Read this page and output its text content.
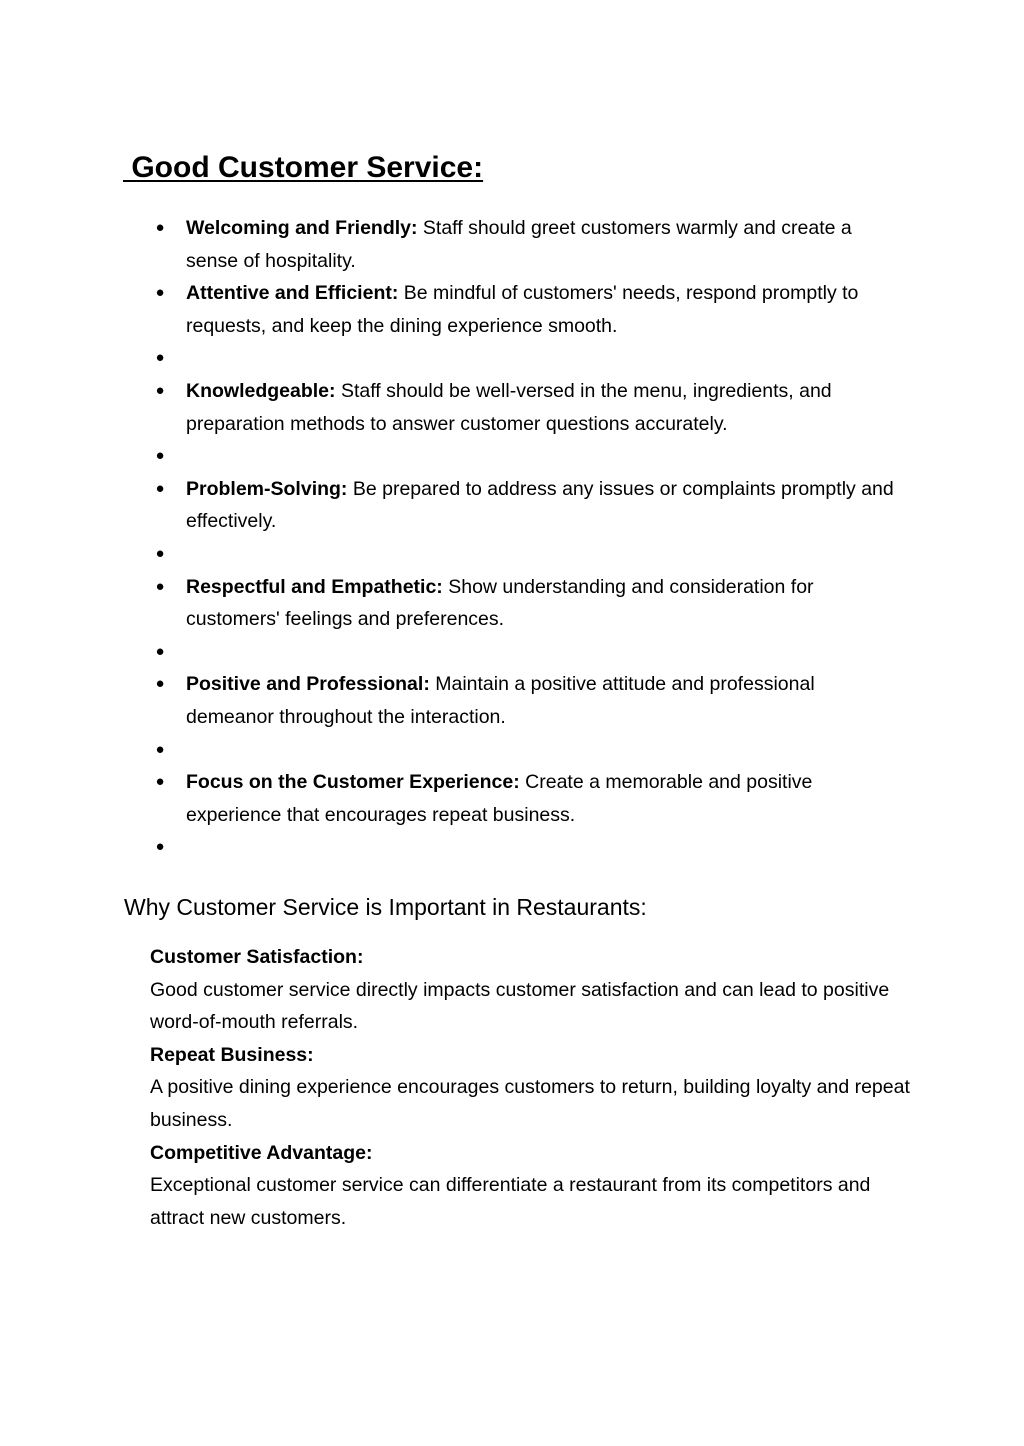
Good Customer Service:
● Welcoming and Friendly: Staff should greet customers warmly and create a sense of hospitality.
● Attentive and Efficient: Be mindful of customers' needs, respond promptly to requests, and keep the dining experience smooth.
●
● Knowledgeable: Staff should be well-versed in the menu, ingredients, and preparation methods to answer customer questions accurately.
●
● Problem-Solving: Be prepared to address any issues or complaints promptly and effectively.
●
● Respectful and Empathetic: Show understanding and consideration for customers' feelings and preferences.
●
● Positive and Professional: Maintain a positive attitude and professional demeanor throughout the interaction.
●
● Focus on the Customer Experience: Create a memorable and positive experience that encourages repeat business.
●
Why Customer Service is Important in Restaurants:

Customer Satisfaction:

Good customer service directly impacts customer satisfaction and can lead to positive word-of-mouth referrals.

Repeat Business:

A positive dining experience encourages customers to return, building loyalty and repeat business.

Competitive Advantage:

Exceptional customer service can differentiate a restaurant from its competitors and attract new customers.
